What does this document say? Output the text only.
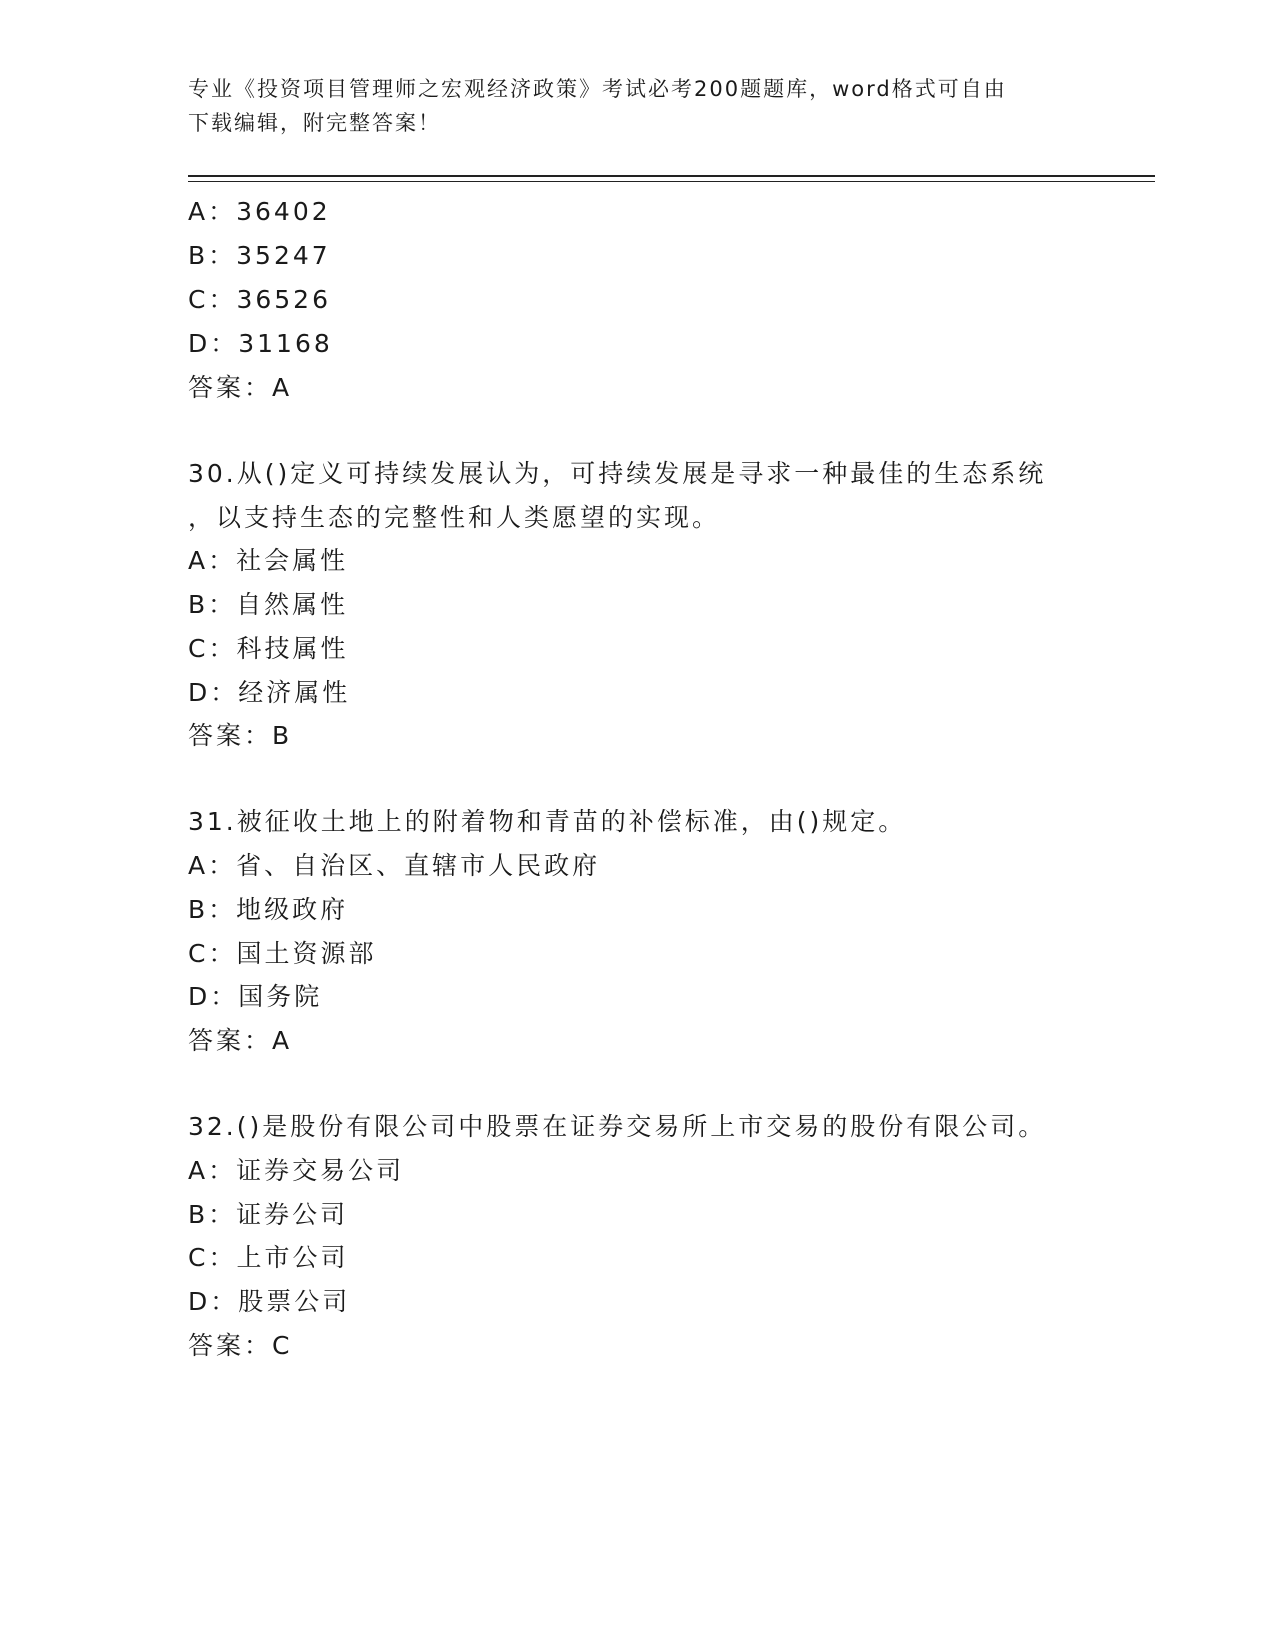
专业《投资项目管理师之宏观经济政策》考试必考200题题库，word格式可自由
下载编辑，附完整答案！
A：36402
B：35247
C：36526
D：31168
答案：A
30.从()定义可持续发展认为，可持续发展是寻求一种最佳的生态系统
，以支持生态的完整性和人类愿望的实现。
A：社会属性
B：自然属性
C：科技属性
D：经济属性
答案：B
31.被征收土地上的附着物和青苗的补偿标准，由()规定。
A：省、自治区、直辖市人民政府
B：地级政府
C：国土资源部
D：国务院
答案：A
32.()是股份有限公司中股票在证券交易所上市交易的股份有限公司。
A：证券交易公司
B：证券公司
C：上市公司
D：股票公司
答案：C
